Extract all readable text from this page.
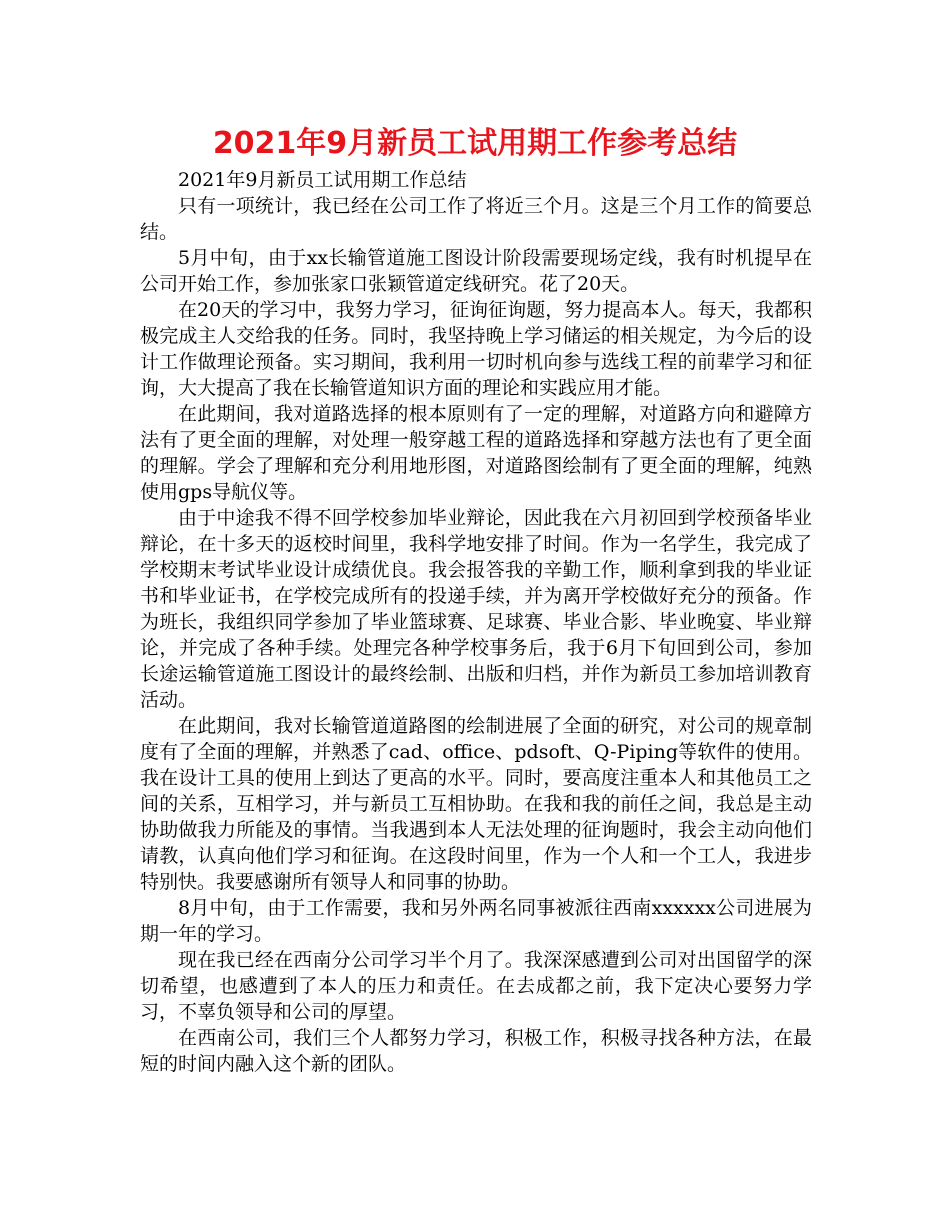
2021年9月新员工试用期工作参考总结

2021年9月新员工试用期工作总结

只有一项统计，我已经在公司工作了将近三个月。这是三个月工作的简要总结。

5月中旬，由于xx长输管道施工图设计阶段需要现场定线，我有时机提早在公司开始工作，参加张家口张颖管道定线研究。花了20天。

在20天的学习中，我努力学习，征询征询题，努力提高本人。每天，我都积极完成主人交给我的任务。同时，我坚持晚上学习储运的相关规定，为今后的设计工作做理论预备。实习期间，我利用一切时机向参与选线工程的前辈学习和征询，大大提高了我在长输管道知识方面的理论和实践应用才能。

在此期间，我对道路选择的根本原则有了一定的理解，对道路方向和避障方法有了更全面的理解，对处理一般穿越工程的道路选择和穿越方法也有了更全面的理解。学会了理解和充分利用地形图，对道路图绘制有了更全面的理解，纯熟使用gps导航仪等。

由于中途我不得不回学校参加毕业辩论，因此我在六月初回到学校预备毕业辩论，在十多天的返校时间里，我科学地安排了时间。作为一名学生，我完成了学校期末考试毕业设计成绩优良。我会报答我的辛勤工作，顺利拿到我的毕业证书和毕业证书，在学校完成所有的投递手续，并为离开学校做好充分的预备。作为班长，我组织同学参加了毕业篮球赛、足球赛、毕业合影、毕业晚宴、毕业辩论，并完成了各种手续。处理完各种学校事务后，我于6月下旬回到公司，参加长途运输管道施工图设计的最终绘制、出版和归档，并作为新员工参加培训教育活动。

在此期间，我对长输管道道路图的绘制进展了全面的研究，对公司的规章制度有了全面的理解，并熟悉了cad、office、pdsoft、Q-Piping等软件的使用。我在设计工具的使用上到达了更高的水平。同时，要高度注重本人和其他员工之间的关系，互相学习，并与新员工互相协助。在我和我的前任之间，我总是主动协助做我力所能及的事情。当我遇到本人无法处理的征询题时，我会主动向他们请教，认真向他们学习和征询。在这段时间里，作为一个人和一个工人，我进步特别快。我要感谢所有领导人和同事的协助。

8月中旬，由于工作需要，我和另外两名同事被派往西南xxxxxx公司进展为期一年的学习。

现在我已经在西南分公司学习半个月了。我深深感遭到公司对出国留学的深切希望，也感遭到了本人的压力和责任。在去成都之前，我下定决心要努力学习，不辜负领导和公司的厚望。

在西南公司，我们三个人都努力学习，积极工作，积极寻找各种方法，在最短的时间内融入这个新的团队。
